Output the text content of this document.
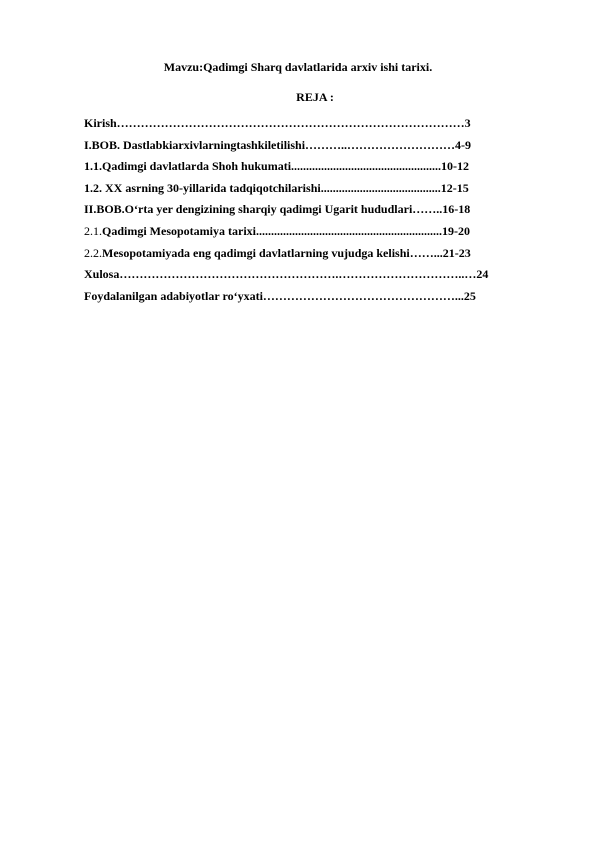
Mavzu:Qadimgi Sharq davlatlarida arxiv ishi tarixi.
REJA :
Kirish……………………………………………………………………………3
I.BOB. Dastlabkiarxivlarningtashkiletilishi………..………………………4-9
1.1.Qadimgi davlatlarda Shoh hukumati..................................................10-12
1.2. XX asrning 30-yillarida tadqiqotchilarishi........................................12-15
II.BOB.O‘rta yer dengizining sharqiy qadimgi Ugarit hududlari……..16-18
2.1.Qadimgi Mesopotamiya tarixi..............................................................19-20
2.2.Mesopotamiyada eng qadimgi davlatlarning vujudga kelishi……...21-23
Xulosa……………………………………………….…………………………..…24
Foydalanilgan adabiyotlar ro‘yxati…………………………………………...25
